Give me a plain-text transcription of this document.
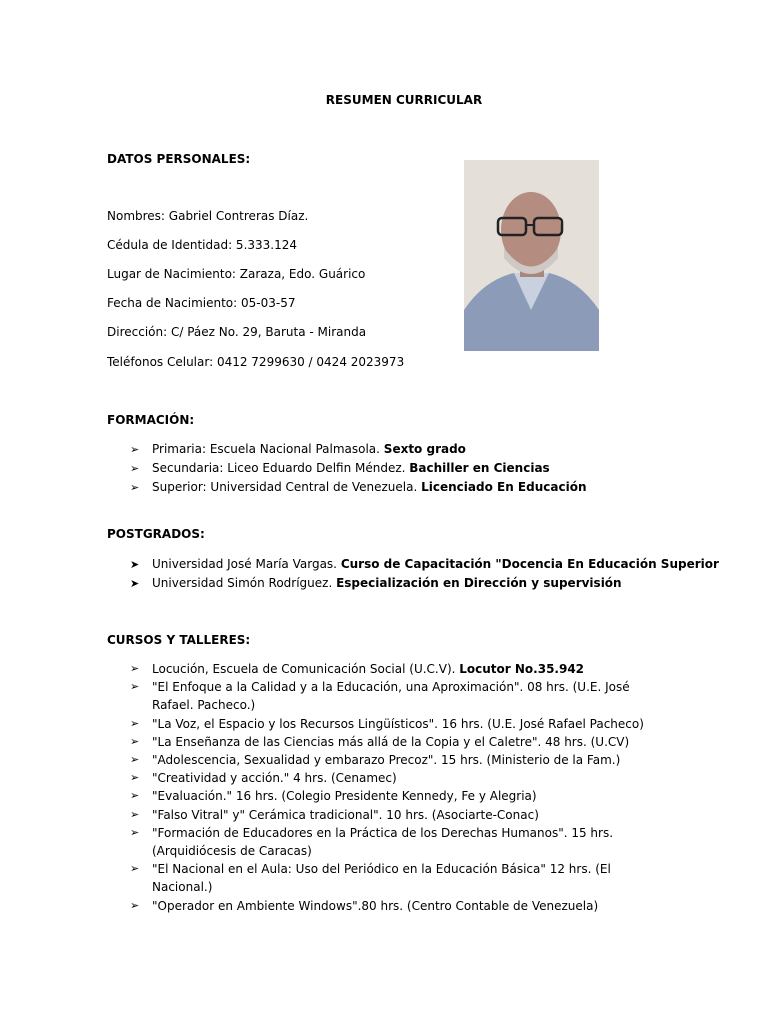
RESUMEN CURRICULAR
DATOS PERSONALES:
Nombres: Gabriel Contreras Díaz.
Cédula de Identidad: 5.333.124
Lugar de Nacimiento: Zaraza, Edo. Guárico
Fecha de Nacimiento: 05-03-57
Dirección: C/ Páez No. 29, Baruta - Miranda
Teléfonos Celular: 0412 7299630 / 0424 2023973
FORMACIÓN:
➢	Primaria: Escuela Nacional Palmasola. Sexto grado
➢	Secundaria: Liceo Eduardo Delfin Méndez. Bachiller en Ciencias
➢	Superior: Universidad Central de Venezuela. Licenciado En Educación
POSTGRADOS:
➤	Universidad José María Vargas. Curso de Capacitación "Docencia En Educación Superior
➤	Universidad Simón Rodríguez. Especialización en Dirección y supervisión
CURSOS Y TALLERES:
➢	Locución, Escuela de Comunicación Social (U.C.V). Locutor No.35.942
➢	"El Enfoque a la Calidad y a la Educación, una Aproximación". 08 hrs. (U.E. José Rafael. Pacheco.)
➢	"La Voz, el Espacio y los Recursos Lingüísticos". 16 hrs. (U.E. José Rafael Pacheco)
➢	"La Enseñanza de las Ciencias más allá de la Copia y el Caletre". 48 hrs. (U.CV)
➢	"Adolescencia, Sexualidad y embarazo Precoz". 15 hrs. (Ministerio de la Fam.)
➢	"Creatividad y acción." 4 hrs. (Cenamec)
➢	"Evaluación." 16 hrs. (Colegio Presidente Kennedy, Fe y Alegria)
➢	"Falso Vitral" y" Cerámica tradicional". 10 hrs. (Asociarte-Conac)
➢	"Formación de Educadores en la Práctica de los Derechas Humanos". 15 hrs. (Arquidiócesis de Caracas)
➢	"El Nacional en el Aula: Uso del Periódico en la Educación Básica" 12 hrs. (El Nacional.)
➢	"Operador en Ambiente Windows".80 hrs. (Centro Contable de Venezuela)
